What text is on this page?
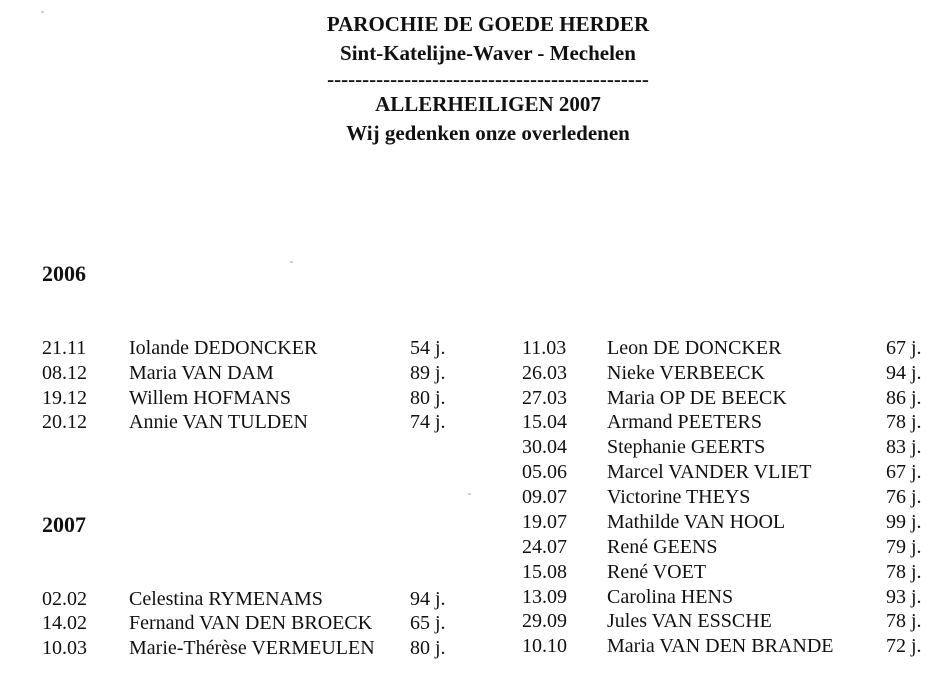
PAROCHIE DE GOEDE HERDER
Sint-Katelijne-Waver - Mechelen
----------------------------------------------
ALLERHEILIGEN 2007
Wij gedenken onze overledenen
2006
21.11 Iolande DEDONCKER	54 j.
08.12 Maria VAN DAM	89 j.
19.12 Willem HOFMANS	80 j.
20.12 Annie VAN TULDEN	74 j.
2007
02.02 Celestina RYMENAMS	94 j.
14.02 Fernand VAN DEN BROECK 65 j.
10.03 Marie-Thérèse VERMEULEN 80 j.
11.03 Leon DE DONCKER	67 j.
26.03 Nieke VERBEECK	94 j.
27.03 Maria OP DE BEECK	86 j.
15.04 Armand PEETERS	78 j.
30.04 Stephanie GEERTS	83 j.
05.06 Marcel VANDER VLIET	67 j.
09.07 Victorine THEYS	76 j.
19.07 Mathilde VAN HOOL	99 j.
24.07 René GEENS	79 j.
15.08 René VOET	78 j.
13.09 Carolina HENS	93 j.
29.09 Jules VAN ESSCHE	78 j.
10.10 Maria VAN DEN BRANDE	72 j.
